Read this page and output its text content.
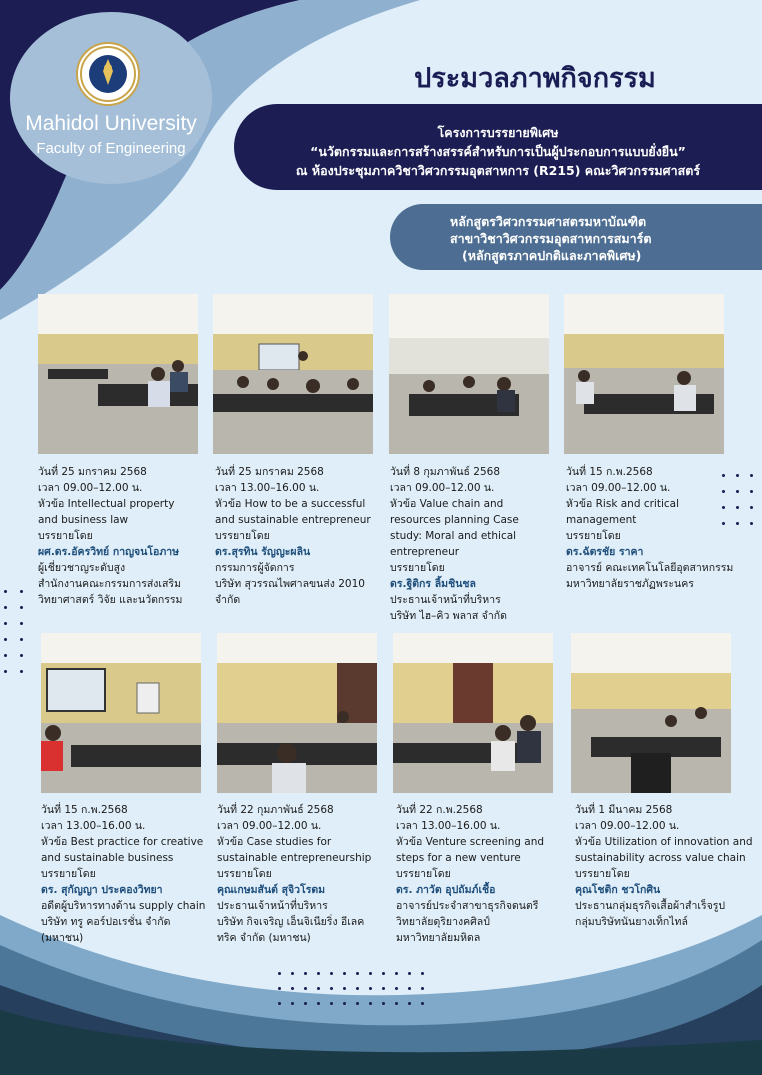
Mahidol University
Faculty of Engineering
ประมวลภาพกิจกรรม
โครงการบรรยายพิเศษ
“นวัตกรรมและการสร้างสรรค์สำหรับการเป็นผู้ประกอบการแบบยั่งยืน”
ณ ห้องประชุมภาควิชาวิศวกรรมอุตสาหการ (R215) คณะวิศวกรรมศาสตร์
หลักสูตรวิศวกรรมศาสตรมหาบัณฑิต
สาขาวิชาวิศวกรรมอุตสาหการสมาร์ต
(หลักสูตรภาคปกติและภาคพิเศษ)
วันที่ 25 มกราคม 2568
เวลา 09.00–12.00 น.
หัวข้อ Intellectual property
and business law
บรรยายโดย
ผศ.ดร.อัครวิทย์ กาญจนโอภาษ
ผู้เชี่ยวชาญระดับสูง
สำนักงานคณะกรรมการส่งเสริม
วิทยาศาสตร์ วิจัย และนวัตกรรม
วันที่ 25 มกราคม 2568
เวลา 13.00–16.00 น.
หัวข้อ How to be a successful
and sustainable entrepreneur
บรรยายโดย
ดร.สุรทิน รัญญะผลิน
กรรมการผู้จัดการ
บริษัท สุวรรณไพศาลขนส่ง 2010
จำกัด
วันที่ 8 กุมภาพันธ์ 2568
เวลา 09.00–12.00 น.
หัวข้อ Value chain and
resources planning Case
study: Moral and ethical
entrepreneur
บรรยายโดย
ดร.ฐิติกร ลิ้มชินชล
ประธานเจ้าหน้าที่บริหาร
บริษัท ไฮ–คิว พลาส จำกัด
วันที่ 15 ก.พ.2568
เวลา 09.00–12.00 น.
หัวข้อ Risk and critical
management
บรรยายโดย
ดร.ฉัตรชัย ราคา
อาจารย์ คณะเทคโนโลยีอุตสาหกรรม
มหาวิทยาลัยราชภัฏพระนคร
วันที่ 15 ก.พ.2568
เวลา 13.00–16.00 น.
หัวข้อ Best practice for creative
and sustainable business
บรรยายโดย
ดร. สุกัญญา ประคองวิทยา
อดีตผู้บริหารทางด้าน supply chain
บริษัท ทรู คอร์ปอเรชั่น จำกัด
(มหาชน)
วันที่ 22 กุมภาพันธ์ 2568
เวลา 09.00–12.00 น.
หัวข้อ Case studies for
sustainable entrepreneurship
บรรยายโดย
คุณเกษมสันต์ สุจิวโรดม
ประธานเจ้าหน้าที่บริหาร
บริษัท กิจเจริญ เอ็นจิเนียริ่ง อีเลค
ทริค จำกัด (มหาชน)
วันที่ 22 ก.พ.2568
เวลา 13.00–16.00 น.
หัวข้อ Venture screening and
steps for a new venture
บรรยายโดย
ดร. ภาวัต อุปถัมภ์เชื้อ
อาจารย์ประจำสาขาธุรกิจดนตรี
วิทยาลัยดุริยางคศิลป์
มหาวิทยาลัยมหิดล
วันที่ 1 มีนาคม 2568
เวลา 09.00–12.00 น.
หัวข้อ Utilization of innovation and
sustainability across value chain
บรรยายโดย
คุณโชติก ชวโกศิน
ประธานกลุ่มธุรกิจเสื้อผ้าสำเร็จรูป
กลุ่มบริษัทนันยางเท็กไทล์
